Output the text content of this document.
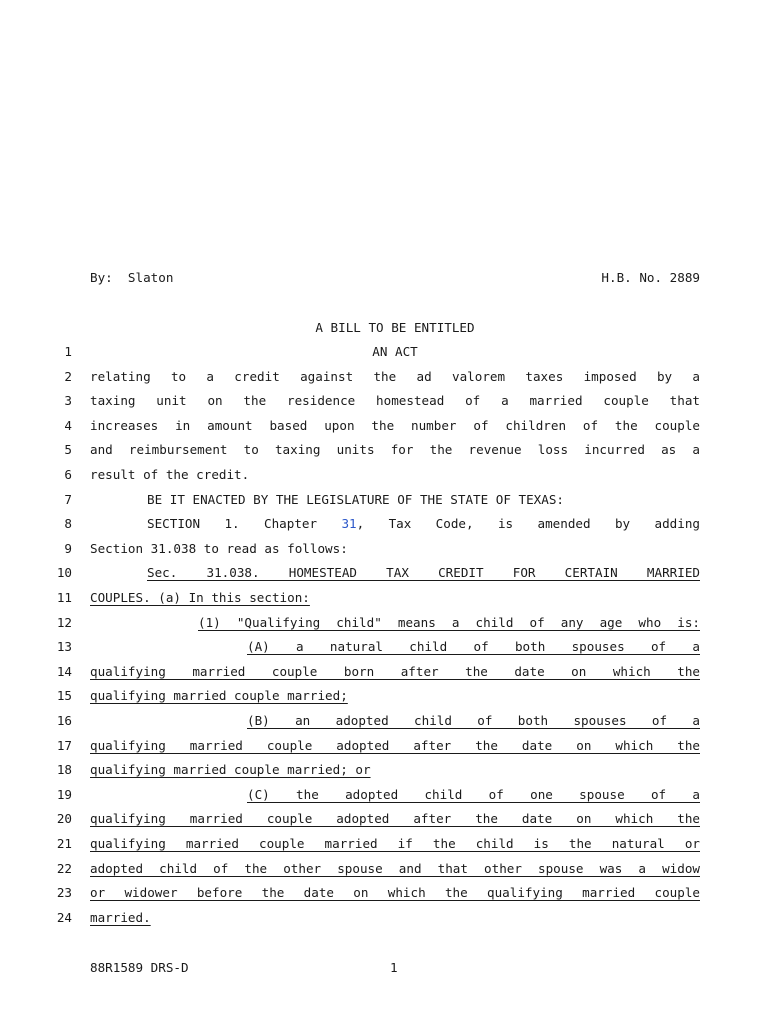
By:  Slaton	H.B. No. 2889
A BILL TO BE ENTITLED
1	AN ACT
2 relating to a credit against the ad valorem taxes imposed by a
3 taxing unit on the residence homestead of a married couple that
4 increases in amount based upon the number of children of the couple
5 and reimbursement to taxing units for the revenue loss incurred as a
6 result of the credit.
7	BE IT ENACTED BY THE LEGISLATURE OF THE STATE OF TEXAS:
8	SECTION 1. Chapter 31, Tax Code, is amended by adding
9 Section 31.038 to read as follows:
10	Sec. 31.038. HOMESTEAD TAX CREDIT FOR CERTAIN MARRIED
11 COUPLES. (a) In this section:
12	(1) "Qualifying child" means a child of any age who is:
13	(A) a natural child of both spouses of a
14 qualifying married couple born after the date on which the
15 qualifying married couple married;
16	(B) an adopted child of both spouses of a
17 qualifying married couple adopted after the date on which the
18 qualifying married couple married; or
19	(C) the adopted child of one spouse of a
20 qualifying married couple adopted after the date on which the
21 qualifying married couple married if the child is the natural or
22 adopted child of the other spouse and that other spouse was a widow
23 or widower before the date on which the qualifying married couple
24 married.
88R1589 DRS-D	1
